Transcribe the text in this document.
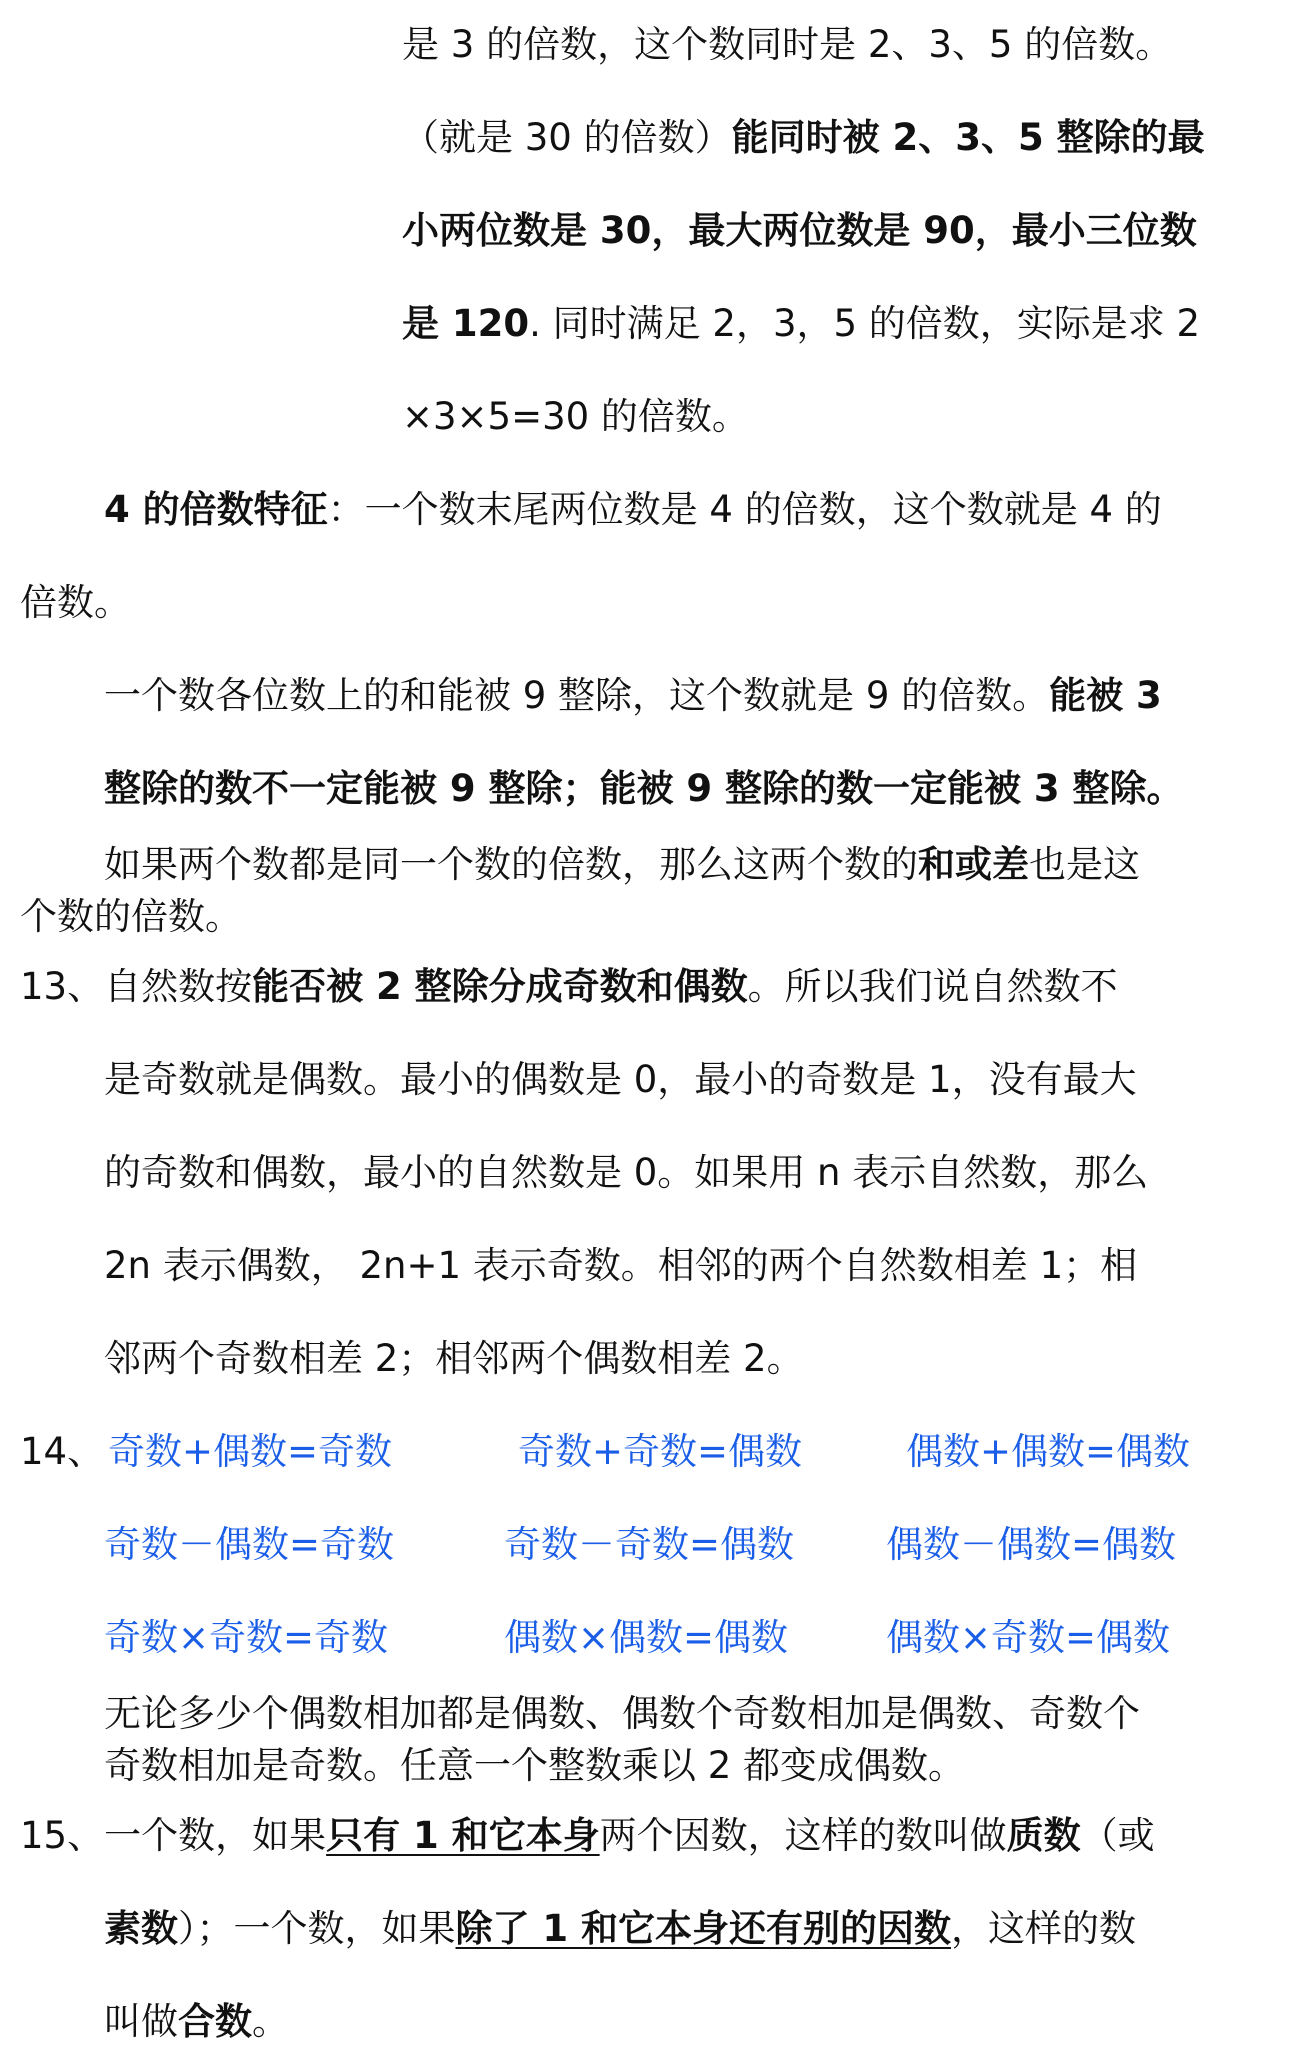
是 3 的倍数，这个数同时是 2、3、5 的倍数。
（就是 30 的倍数）能同时被 2、3、5 整除的最
小两位数是 30，最大两位数是 90，最小三位数
是 120. 同时满足 2，3，5 的倍数，实际是求 2
×3×5=30 的倍数。
4 的倍数特征：一个数末尾两位数是 4 的倍数，这个数就是 4 的
倍数。
一个数各位数上的和能被 9 整除，这个数就是 9 的倍数。能被 3
整除的数不一定能被 9 整除；能被 9 整除的数一定能被 3 整除。
如果两个数都是同一个数的倍数，那么这两个数的和或差也是这
个数的倍数。
13、自然数按能否被 2 整除分成奇数和偶数。所以我们说自然数不
是奇数就是偶数。最小的偶数是 0，最小的奇数是 1，没有最大
的奇数和偶数，最小的自然数是 0。如果用 n 表示自然数，那么
2n 表示偶数， 2n+1 表示奇数。相邻的两个自然数相差 1；相
邻两个奇数相差 2；相邻两个偶数相差 2。
14、 奇数+偶数=奇数	奇数+奇数=偶数	偶数+偶数=偶数
奇数－偶数=奇数	奇数－奇数=偶数 偶数－偶数=偶数
奇数×奇数=奇数	偶数×偶数=偶数	偶数×奇数=偶数
无论多少个偶数相加都是偶数、偶数个奇数相加是偶数、奇数个
奇数相加是奇数。任意一个整数乘以 2 都变成偶数。
15、一个数，如果只有 1 和它本身两个因数，这样的数叫做质数（或
素数）；一个数，如果除了 1 和它本身还有别的因数，这样的数
叫做合数。
